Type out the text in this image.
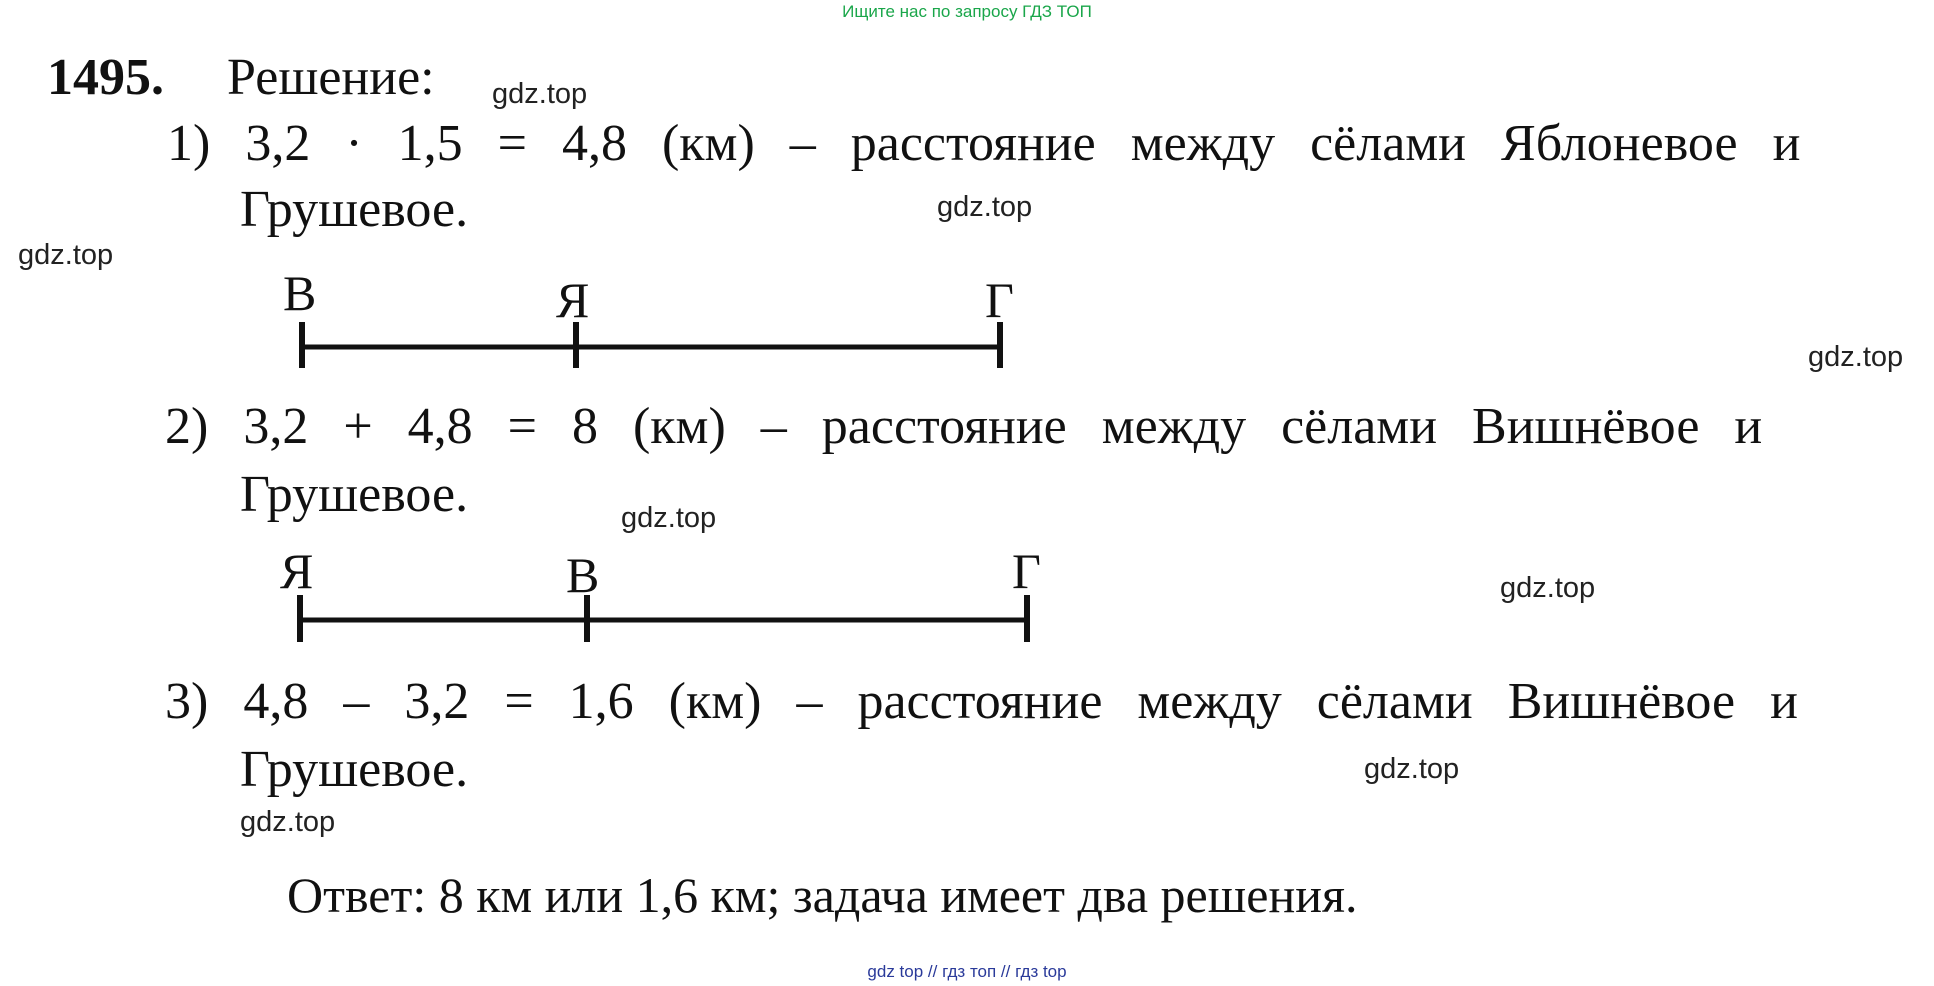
Ищите нас по запросу ГДЗ ТОП
1495. Решение:
1) 3,2 · 1,5 = 4,8 (км) – расстояние между сёлами Яблоневое и
Грушевое.
В	Я	Г
2) 3,2 + 4,8 = 8 (км) – расстояние между сёлами Вишнёвое и
Грушевое.
Я	В	Г
3) 4,8 – 3,2 = 1,6 (км) – расстояние между сёлами Вишнёвое и
Грушевое.
Ответ: 8 км или 1,6 км; задача имеет два решения.
gdz.top
gdz.top
gdz.top
gdz.top
gdz.top
gdz.top
gdz.top
gdz.top
gdz top // гдз топ // гдз top
